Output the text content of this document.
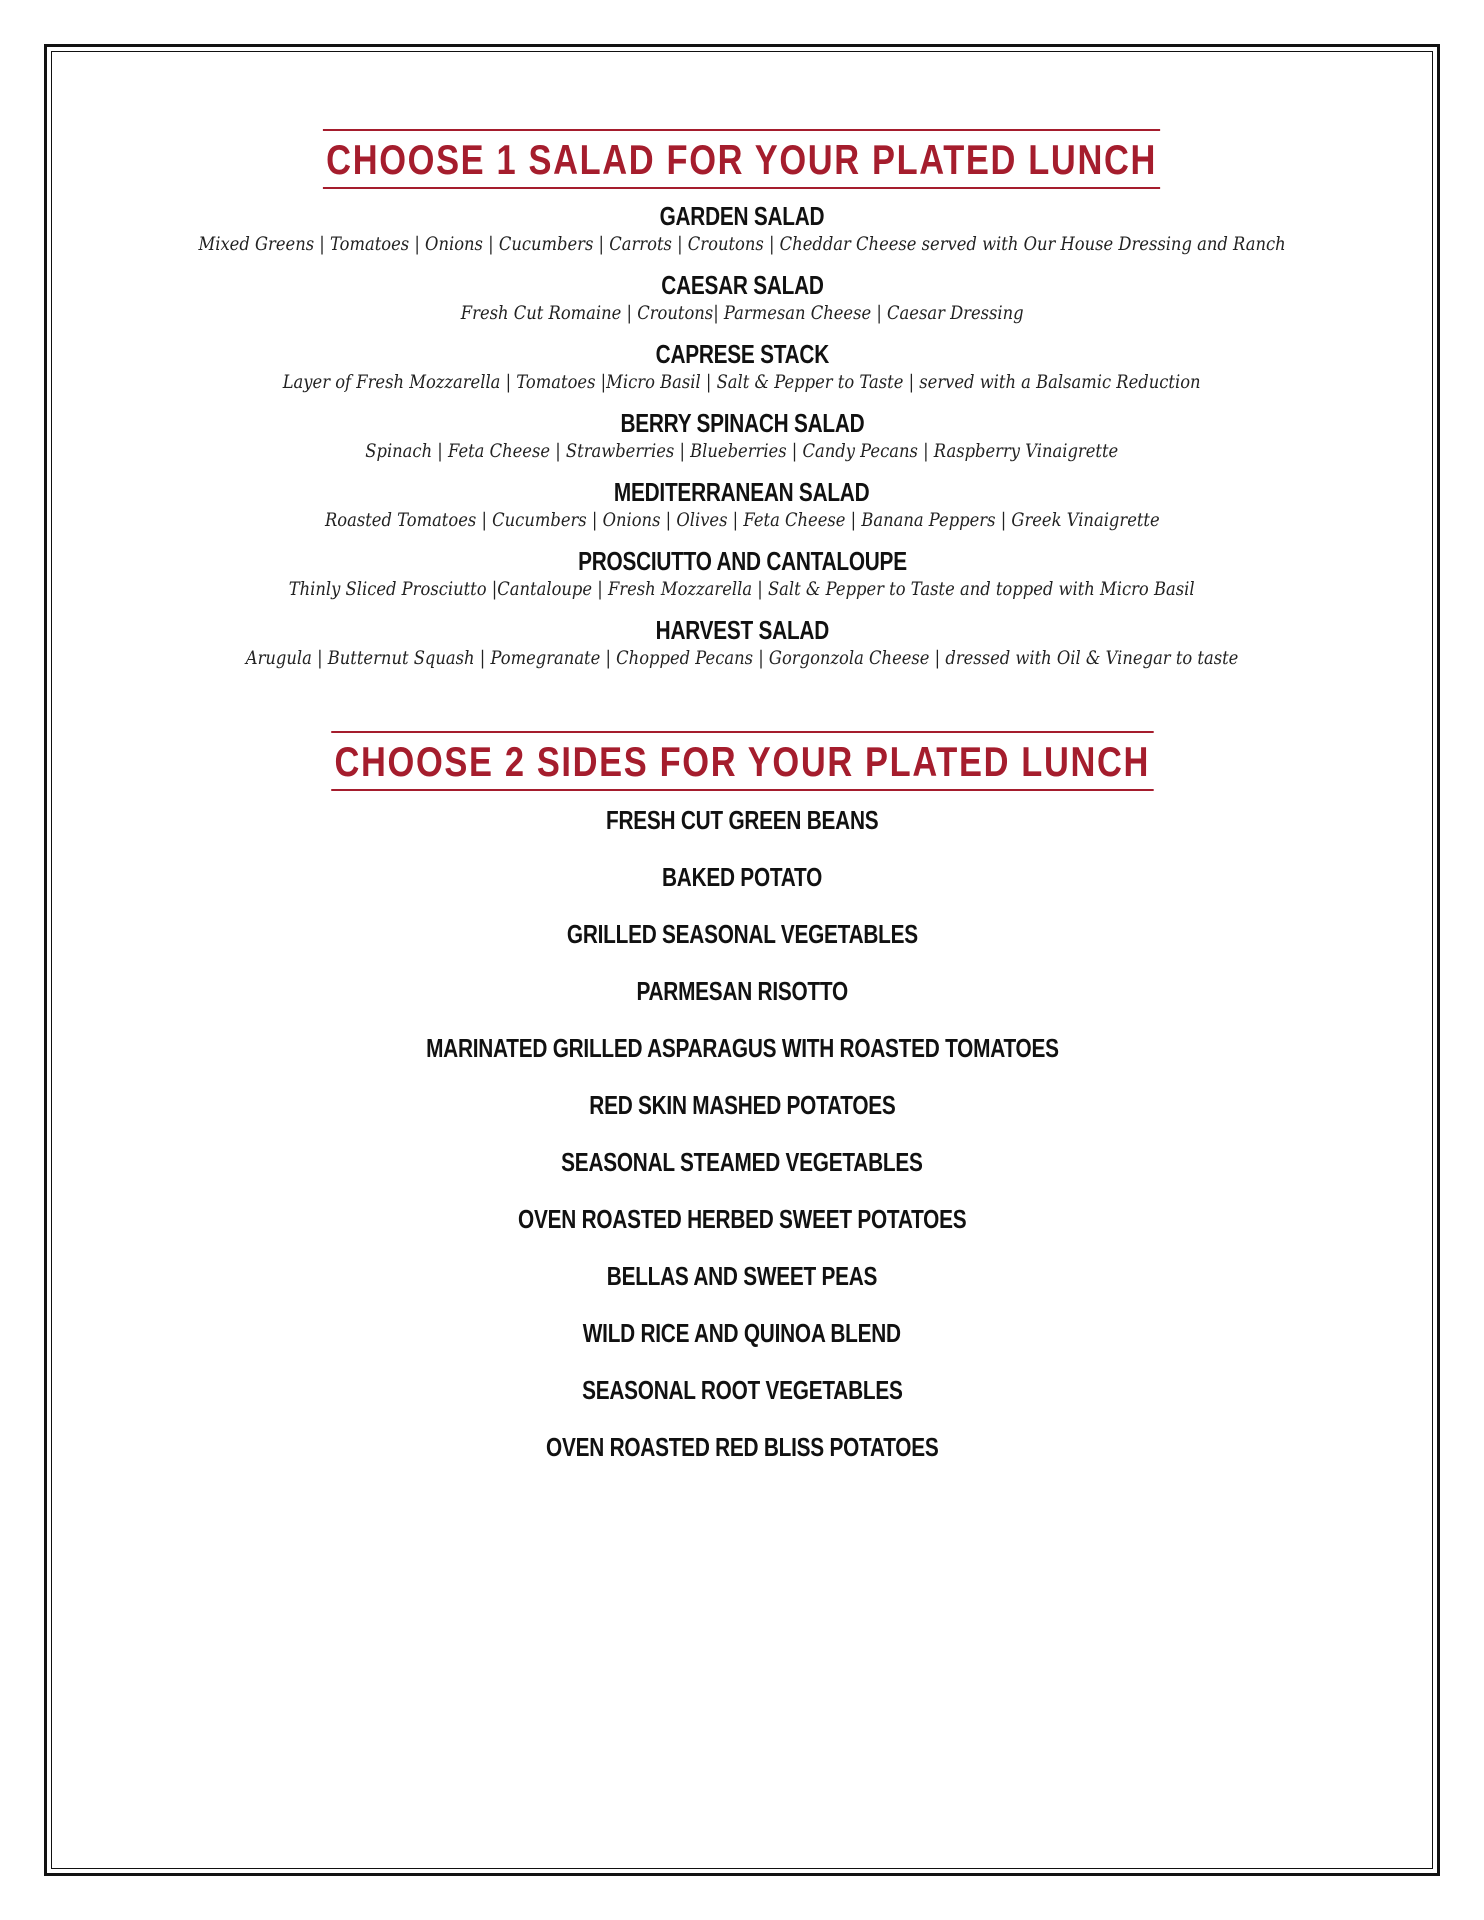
CHOOSE 1 SALAD FOR YOUR PLATED LUNCH
GARDEN SALAD
Mixed Greens | Tomatoes | Onions | Cucumbers | Carrots | Croutons | Cheddar Cheese served with Our House Dressing and Ranch
CAESAR SALAD
Fresh Cut Romaine | Croutons| Parmesan Cheese | Caesar Dressing
CAPRESE STACK
Layer of Fresh Mozzarella | Tomatoes |Micro Basil | Salt & Pepper to Taste | served with a Balsamic Reduction
BERRY SPINACH SALAD
Spinach | Feta Cheese | Strawberries | Blueberries | Candy Pecans | Raspberry Vinaigrette
MEDITERRANEAN SALAD
Roasted Tomatoes | Cucumbers | Onions | Olives | Feta Cheese | Banana Peppers | Greek Vinaigrette
PROSCIUTTO AND CANTALOUPE
Thinly Sliced Prosciutto |Cantaloupe | Fresh Mozzarella | Salt & Pepper to Taste and topped with Micro Basil
HARVEST SALAD
Arugula | Butternut Squash | Pomegranate | Chopped Pecans | Gorgonzola Cheese | dressed with Oil & Vinegar to taste
CHOOSE 2 SIDES FOR YOUR PLATED LUNCH
FRESH CUT GREEN BEANS
BAKED POTATO
GRILLED SEASONAL VEGETABLES
PARMESAN RISOTTO
MARINATED GRILLED ASPARAGUS WITH ROASTED TOMATOES
RED SKIN MASHED POTATOES
SEASONAL STEAMED VEGETABLES
OVEN ROASTED HERBED SWEET POTATOES
BELLAS AND SWEET PEAS
WILD RICE AND QUINOA BLEND
SEASONAL ROOT VEGETABLES
OVEN ROASTED RED BLISS POTATOES
